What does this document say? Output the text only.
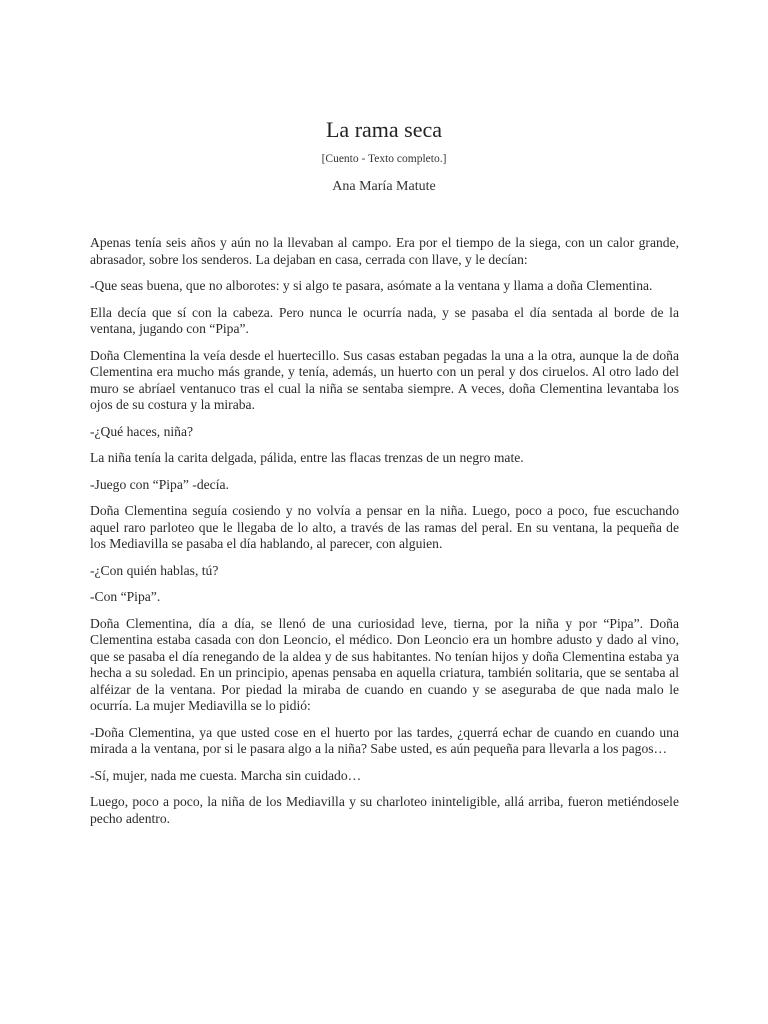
La rama seca
[Cuento - Texto completo.]
Ana María Matute

Apenas tenía seis años y aún no la llevaban al campo. Era por el tiempo de la siega, con un calor grande, abrasador, sobre los senderos. La dejaban en casa, cerrada con llave, y le decían:

-Que seas buena, que no alborotes: y si algo te pasara, asómate a la ventana y llama a doña Clementina.

Ella decía que sí con la cabeza. Pero nunca le ocurría nada, y se pasaba el día sentada al borde de la ventana, jugando con “Pipa”.

Doña Clementina la veía desde el huertecillo. Sus casas estaban pegadas la una a la otra, aunque la de doña Clementina era mucho más grande, y tenía, además, un huerto con un peral y dos ciruelos. Al otro lado del muro se abríael ventanuco tras el cual la niña se sentaba siempre. A veces, doña Clementina levantaba los ojos de su costura y la miraba.

-¿Qué haces, niña?

La niña tenía la carita delgada, pálida, entre las flacas trenzas de un negro mate.

-Juego con “Pipa” -decía.

Doña Clementina seguía cosiendo y no volvía a pensar en la niña. Luego, poco a poco, fue escuchando aquel raro parloteo que le llegaba de lo alto, a través de las ramas del peral. En su ventana, la pequeña de los Mediavilla se pasaba el día hablando, al parecer, con alguien.

-¿Con quién hablas, tú?

-Con “Pipa”.

Doña Clementina, día a día, se llenó de una curiosidad leve, tierna, por la niña y por “Pipa”. Doña Clementina estaba casada con don Leoncio, el médico. Don Leoncio era un hombre adusto y dado al vino, que se pasaba el día renegando de la aldea y de sus habitantes. No tenían hijos y doña Clementina estaba ya hecha a su soledad. En un principio, apenas pensaba en aquella criatura, también solitaria, que se sentaba al alféizar de la ventana. Por piedad la miraba de cuando en cuando y se aseguraba de que nada malo le ocurría. La mujer Mediavilla se lo pidió:

-Doña Clementina, ya que usted cose en el huerto por las tardes, ¿querrá echar de cuando en cuando una mirada a la ventana, por si le pasara algo a la niña? Sabe usted, es aún pequeña para llevarla a los pagos…

-Sí, mujer, nada me cuesta. Marcha sin cuidado…

Luego, poco a poco, la niña de los Mediavilla y su charloteo ininteligible, allá arriba, fueron metiéndosele pecho adentro.
